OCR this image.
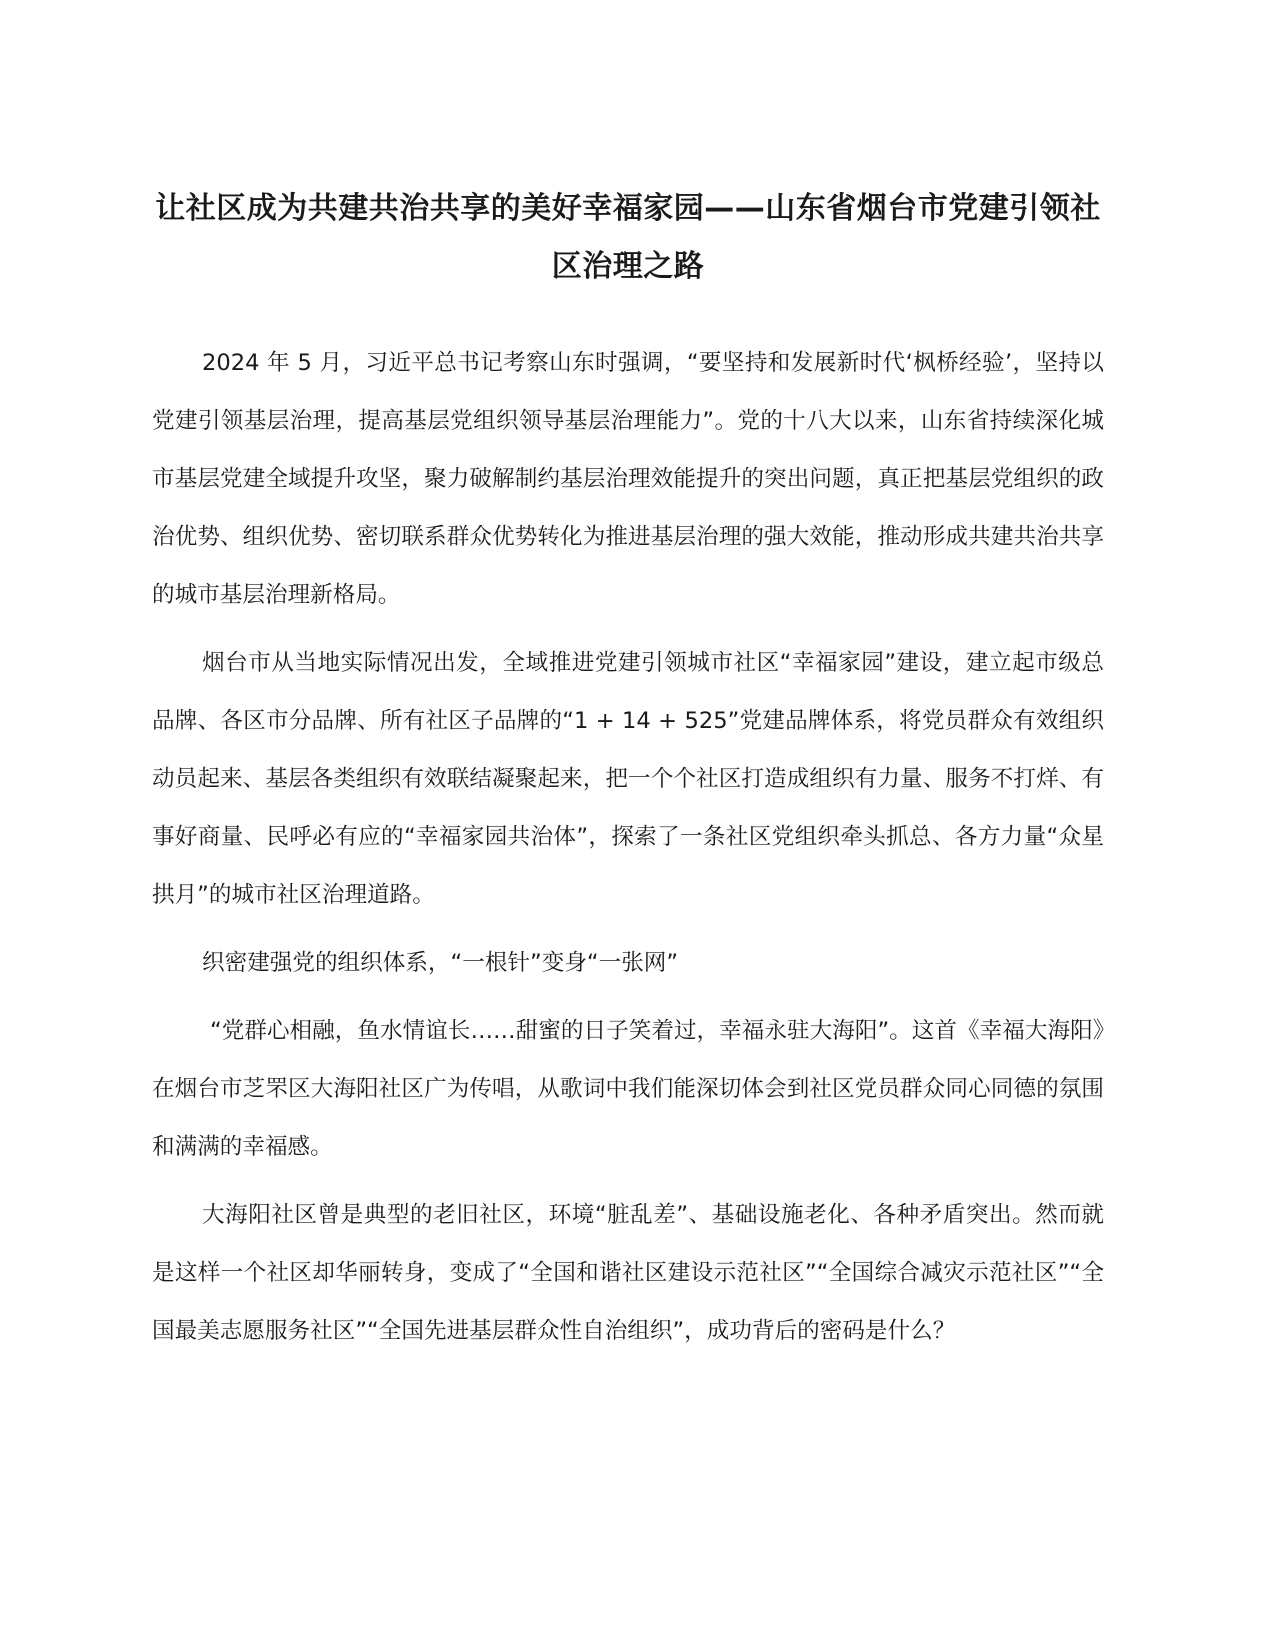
让社区成为共建共治共享的美好幸福家园——山东省烟台市党建引领社区治理之路

2024 年 5 月，习近平总书记考察山东时强调，“要坚持和发展新时代‘枫桥经验’，坚持以党建引领基层治理，提高基层党组织领导基层治理能力”。党的十八大以来，山东省持续深化城市基层党建全域提升攻坚，聚力破解制约基层治理效能提升的突出问题，真正把基层党组织的政治优势、组织优势、密切联系群众优势转化为推进基层治理的强大效能，推动形成共建共治共享的城市基层治理新格局。

烟台市从当地实际情况出发，全域推进党建引领城市社区“幸福家园”建设，建立起市级总品牌、各区市分品牌、所有社区子品牌的“1 + 14 + 525”党建品牌体系，将党员群众有效组织动员起来、基层各类组织有效联结凝聚起来，把一个个社区打造成组织有力量、服务不打烊、有事好商量、民呼必有应的“幸福家园共治体”，探索了一条社区党组织牵头抓总、各方力量“众星拱月”的城市社区治理道路。

织密建强党的组织体系，“一根针”变身“一张网”

“党群心相融，鱼水情谊长……甜蜜的日子笑着过，幸福永驻大海阳”。这首《幸福大海阳》在烟台市芝罘区大海阳社区广为传唱，从歌词中我们能深切体会到社区党员群众同心同德的氛围和满满的幸福感。

大海阳社区曾是典型的老旧社区，环境“脏乱差”、基础设施老化、各种矛盾突出。然而就是这样一个社区却华丽转身，变成了“全国和谐社区建设示范社区”“全国综合减灾示范社区”“全国最美志愿服务社区”“全国先进基层群众性自治组织”，成功背后的密码是什么？
